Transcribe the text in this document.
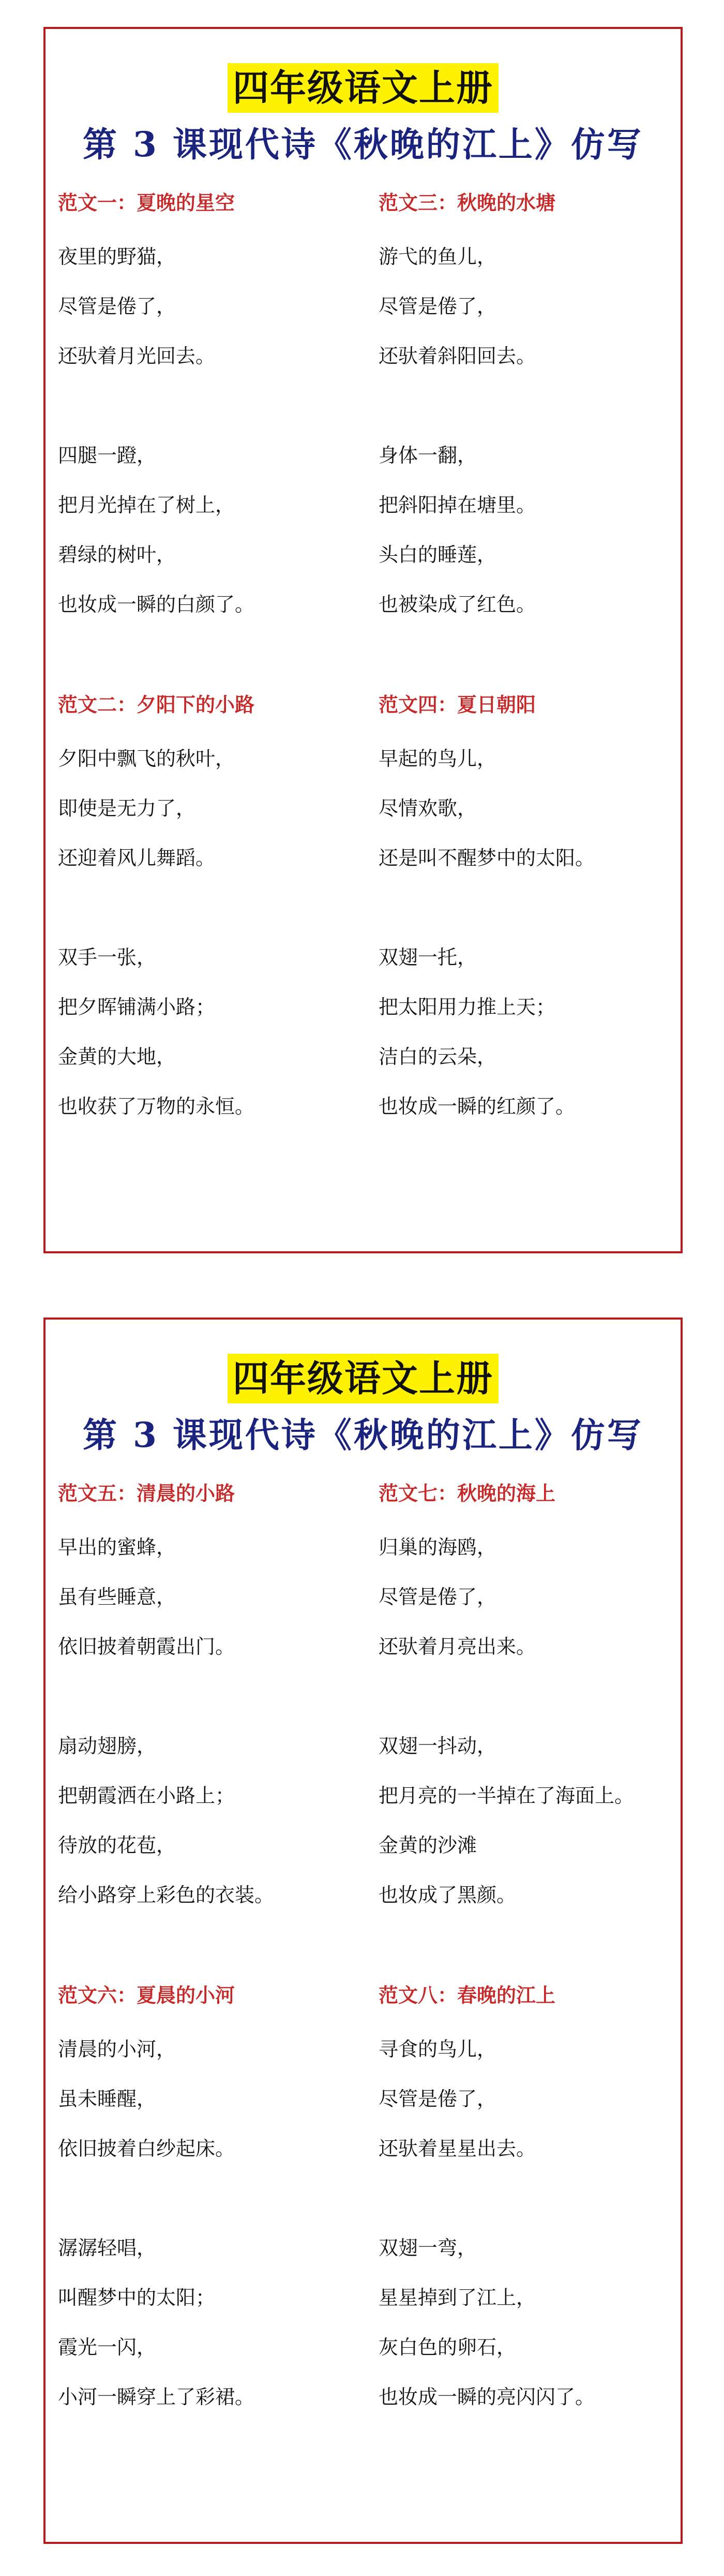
四年级语文上册
第 3 课现代诗《秋晚的江上》仿写
范文一：夏晚的星空
夜里的野猫，
尽管是倦了，
还驮着月光回去。
四腿一蹬，
把月光掉在了树上，
碧绿的树叶，
也妆成一瞬的白颜了。
范文二：夕阳下的小路
夕阳中飘飞的秋叶，
即使是无力了，
还迎着风儿舞蹈。
双手一张，
把夕晖铺满小路；
金黄的大地，
也收获了万物的永恒。
范文三：秋晚的水塘
游弋的鱼儿，
尽管是倦了，
还驮着斜阳回去。
身体一翻，
把斜阳掉在塘里。
头白的睡莲，
也被染成了红色。
范文四：夏日朝阳
早起的鸟儿，
尽情欢歌，
还是叫不醒梦中的太阳。
双翅一托，
把太阳用力推上天；
洁白的云朵，
也妆成一瞬的红颜了。
四年级语文上册
第 3 课现代诗《秋晚的江上》仿写
范文五：清晨的小路
早出的蜜蜂，
虽有些睡意，
依旧披着朝霞出门。
扇动翅膀，
把朝霞洒在小路上；
待放的花苞，
给小路穿上彩色的衣装。
范文六：夏晨的小河
清晨的小河，
虽未睡醒，
依旧披着白纱起床。
潺潺轻唱，
叫醒梦中的太阳；
霞光一闪，
小河一瞬穿上了彩裙。
范文七：秋晚的海上
归巢的海鸥，
尽管是倦了，
还驮着月亮出来。
双翅一抖动，
把月亮的一半掉在了海面上。
金黄的沙滩
也妆成了黑颜。
范文八：春晚的江上
寻食的鸟儿，
尽管是倦了，
还驮着星星出去。
双翅一弯，
星星掉到了江上，
灰白色的卵石，
也妆成一瞬的亮闪闪了。
